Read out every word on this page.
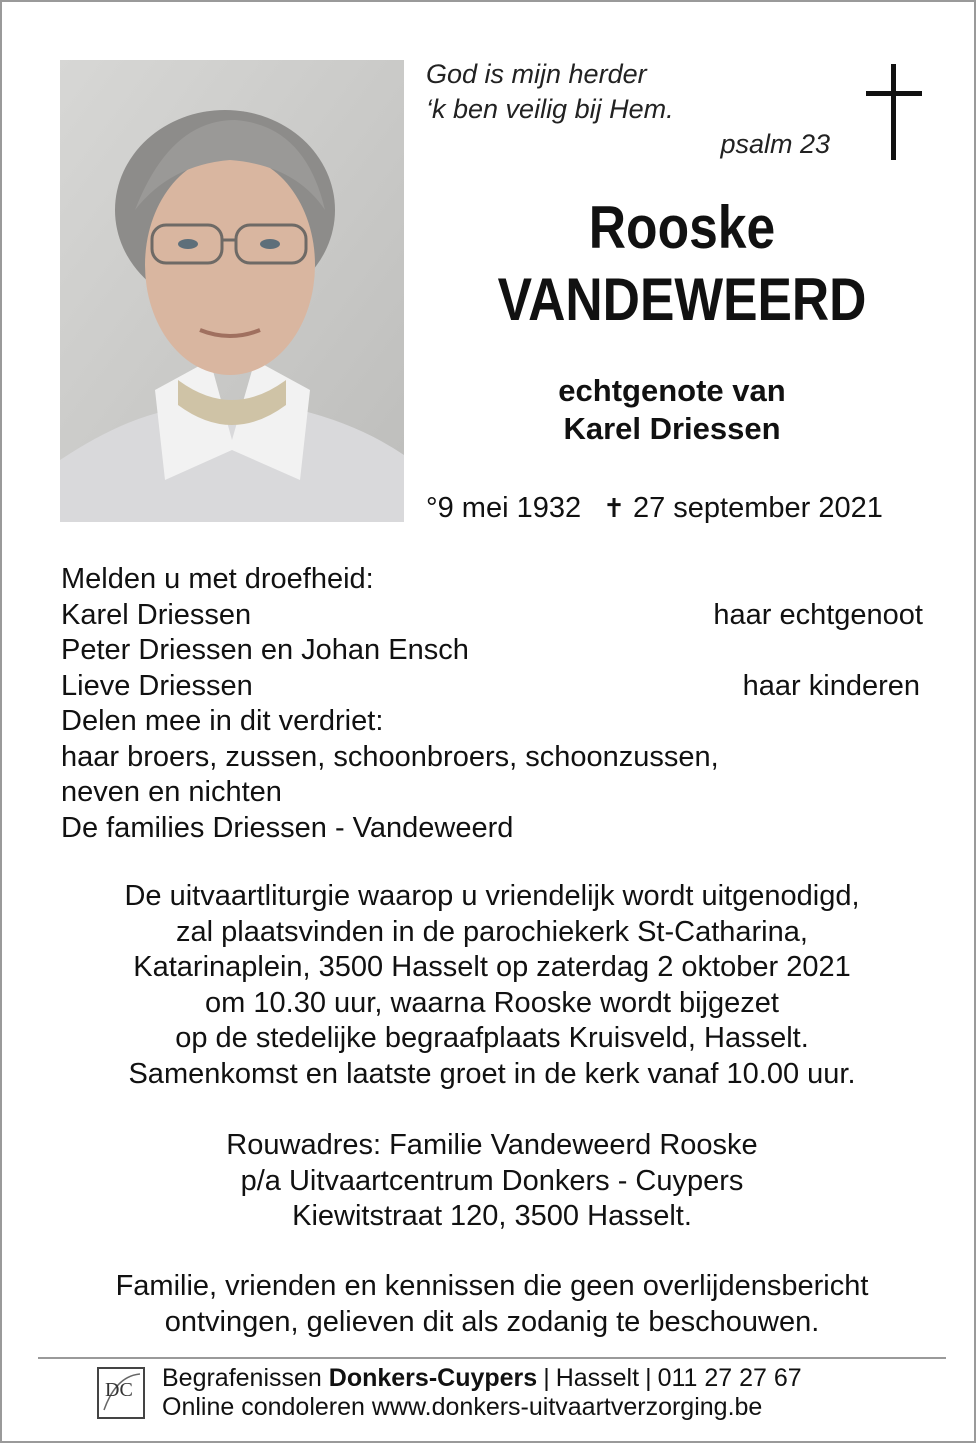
God is mijn herder
‘k ben veilig bij Hem.
psalm 23
Rooske
VANDEWEERD
echtgenote van
Karel Driessen
°9 mei 1932 ✝ 27 september 2021
Melden u met droefheid:
Karel Driessen	haar echtgenoot
Peter Driessen en Johan Ensch
Lieve Driessen	haar kinderen
Delen mee in dit verdriet:
haar broers, zussen, schoonbroers, schoonzussen,
neven en nichten
De families Driessen - Vandeweerd
De uitvaartliturgie waarop u vriendelijk wordt uitgenodigd,
zal plaatsvinden in de parochiekerk St-Catharina,
Katarinaplein, 3500 Hasselt op zaterdag 2 oktober 2021
om 10.30 uur, waarna Rooske wordt bijgezet
op de stedelijke begraafplaats Kruisveld, Hasselt.
Samenkomst en laatste groet in de kerk vanaf 10.00 uur.
Rouwadres: Familie Vandeweerd Rooske
p/a Uitvaartcentrum Donkers - Cuypers
Kiewitstraat 120, 3500 Hasselt.
Familie, vrienden en kennissen die geen overlijdensbericht
ontvingen, gelieven dit als zodanig te beschouwen.
DC Begrafenissen Donkers-Cuypers | Hasselt | 011 27 27 67
Online condoleren www.donkers-uitvaartverzorging.be
